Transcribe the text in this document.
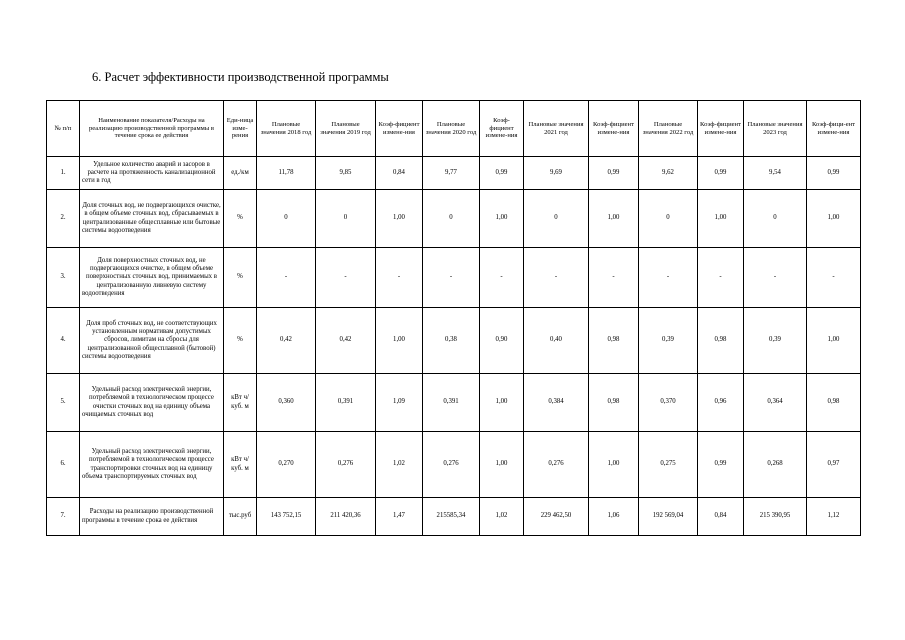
6. Расчет эффективности производственной программы
№ п/п	Наименование показателя/Расходы на реализацию производственной программы в течение срока ее действия	Еди-ница изме-рения	Плановые значения 2018 год	Плановые значения 2019 год	Коэф-фициент измене-ния	Плановые значения 2020 год	Коэф-фициент измене-ния	Плановые значения 2021 год	Коэф-фициент измене-ния	Плановые значения 2022 год	Коэф-фициент измене-ния	Плановые значения 2023 год	Коэф-фици-ент измене-ния
1.	Удельное количество аварий и засоров в расчете на протяженность канализационной сети в год	ед./км	11,78	9,85	0,84	9,77	0,99	9,69	0,99	9,62	0,99	9,54	0,99
2.	Доля сточных вод, не подвергающихся очистке, в общем объеме сточных вод, сбрасываемых в централизованные общесплавные или бытовые системы водоотведения	%	0	0	1,00	0	1,00	0	1,00	0	1,00	0	1,00
3.	Доля поверхностных сточных вод, не подвергающихся очистке, в общем объеме поверхностных сточных вод, принимаемых в централизованную ливневую систему водоотведения	%	-	-	-	-	-	-	-	-	-	-	-
4.	Доля проб сточных вод, не соответствующих установленным нормативам допустимых сбросов, лимитам на сбросы для централизованной общесплавной (бытовой) системы водоотведения	%	0,42	0,42	1,00	0,38	0,90	0,40	0,98	0,39	0,98	0,39	1,00
5.	Удельный расход электрической энергии, потребляемой в технологическом процессе очистки сточных вод на единицу объема очищаемых сточных вод	кВт ч/куб. м	0,360	0,391	1,09	0,391	1,00	0,384	0,98	0,370	0,96	0,364	0,98
6.	Удельный расход электрической энергии, потребляемой в технологическом процессе транспортировки сточных вод на единицу объема транспортируемых сточных вод	кВт ч/куб. м	0,270	0,276	1,02	0,276	1,00	0,276	1,00	0,275	0,99	0,268	0,97
7.	Расходы на реализацию производственной программы в течение срока ее действия	тыс.руб	143 752,15	211 420,36	1,47	215585,34	1,02	229 462,50	1,06	192 569,04	0,84	215 390,95	1,12
